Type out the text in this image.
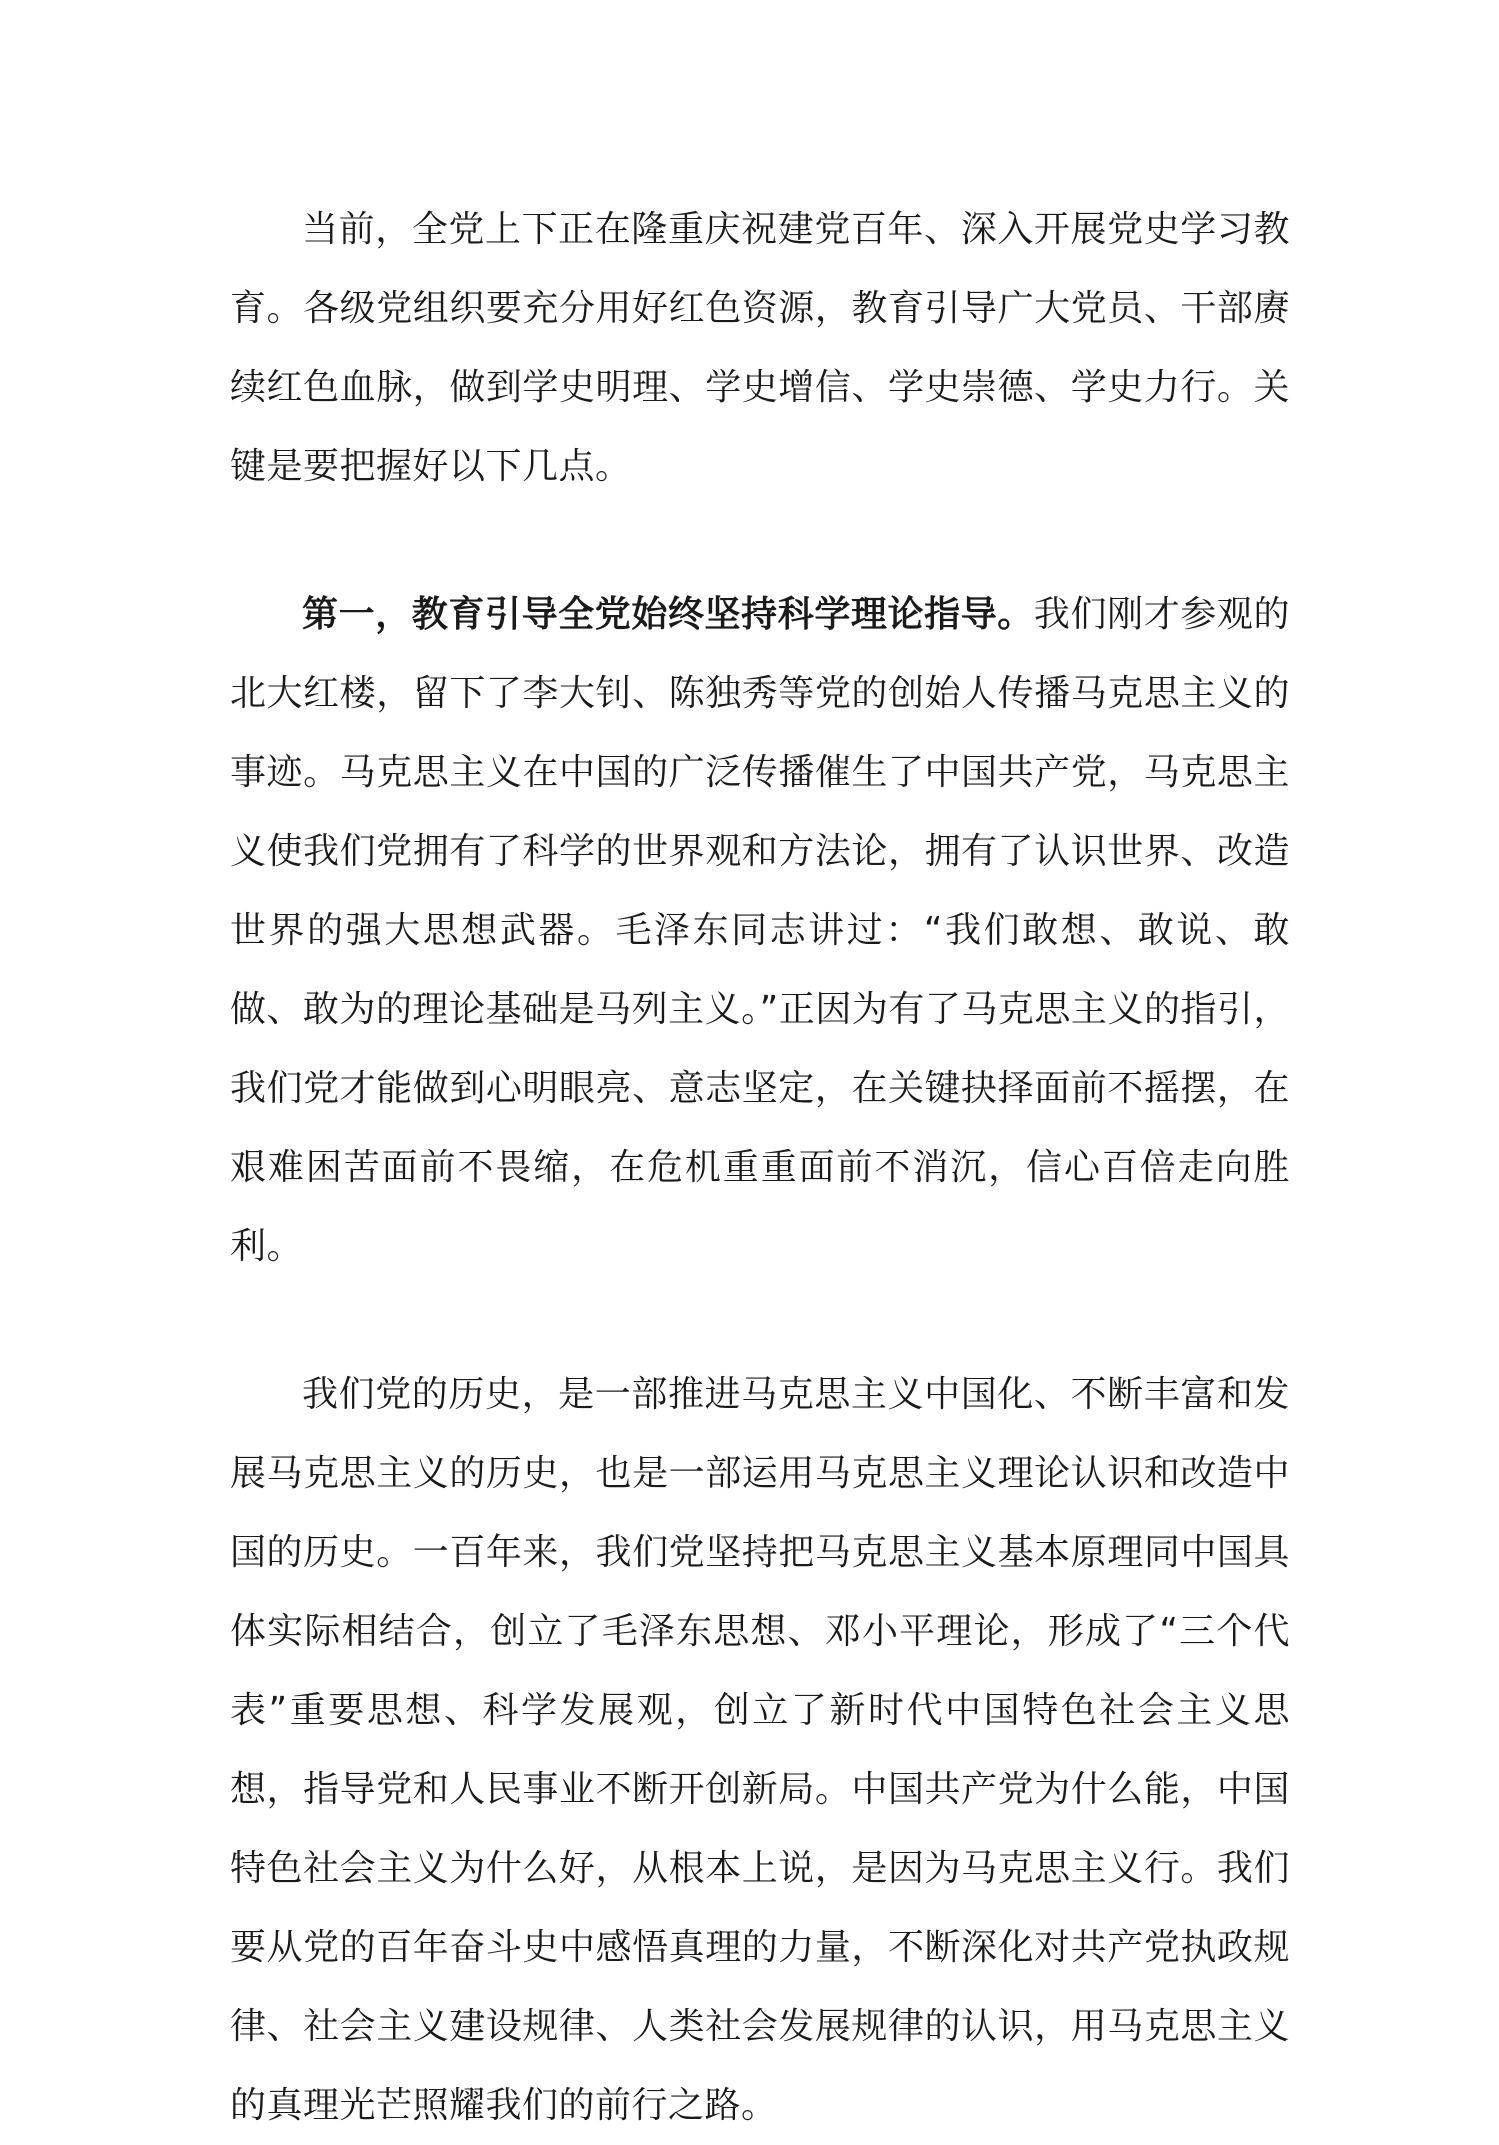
当前，全党上下正在隆重庆祝建党百年、深入开展党史学习教育。各级党组织要充分用好红色资源，教育引导广大党员、干部赓续红色血脉，做到学史明理、学史增信、学史崇德、学史力行。关键是要把握好以下几点。

第一，教育引导全党始终坚持科学理论指导。我们刚才参观的北大红楼，留下了李大钊、陈独秀等党的创始人传播马克思主义的事迹。马克思主义在中国的广泛传播催生了中国共产党，马克思主义使我们党拥有了科学的世界观和方法论，拥有了认识世界、改造世界的强大思想武器。毛泽东同志讲过：“我们敢想、敢说、敢做、敢为的理论基础是马列主义。”正因为有了马克思主义的指引，我们党才能做到心明眼亮、意志坚定，在关键抉择面前不摇摆，在艰难困苦面前不畏缩，在危机重重面前不消沉，信心百倍走向胜利。

我们党的历史，是一部推进马克思主义中国化、不断丰富和发展马克思主义的历史，也是一部运用马克思主义理论认识和改造中国的历史。一百年来，我们党坚持把马克思主义基本原理同中国具体实际相结合，创立了毛泽东思想、邓小平理论，形成了“三个代表”重要思想、科学发展观，创立了新时代中国特色社会主义思想，指导党和人民事业不断开创新局。中国共产党为什么能，中国特色社会主义为什么好，从根本上说，是因为马克思主义行。我们要从党的百年奋斗史中感悟真理的力量，不断深化对共产党执政规律、社会主义建设规律、人类社会发展规律的认识，用马克思主义的真理光芒照耀我们的前行之路。
